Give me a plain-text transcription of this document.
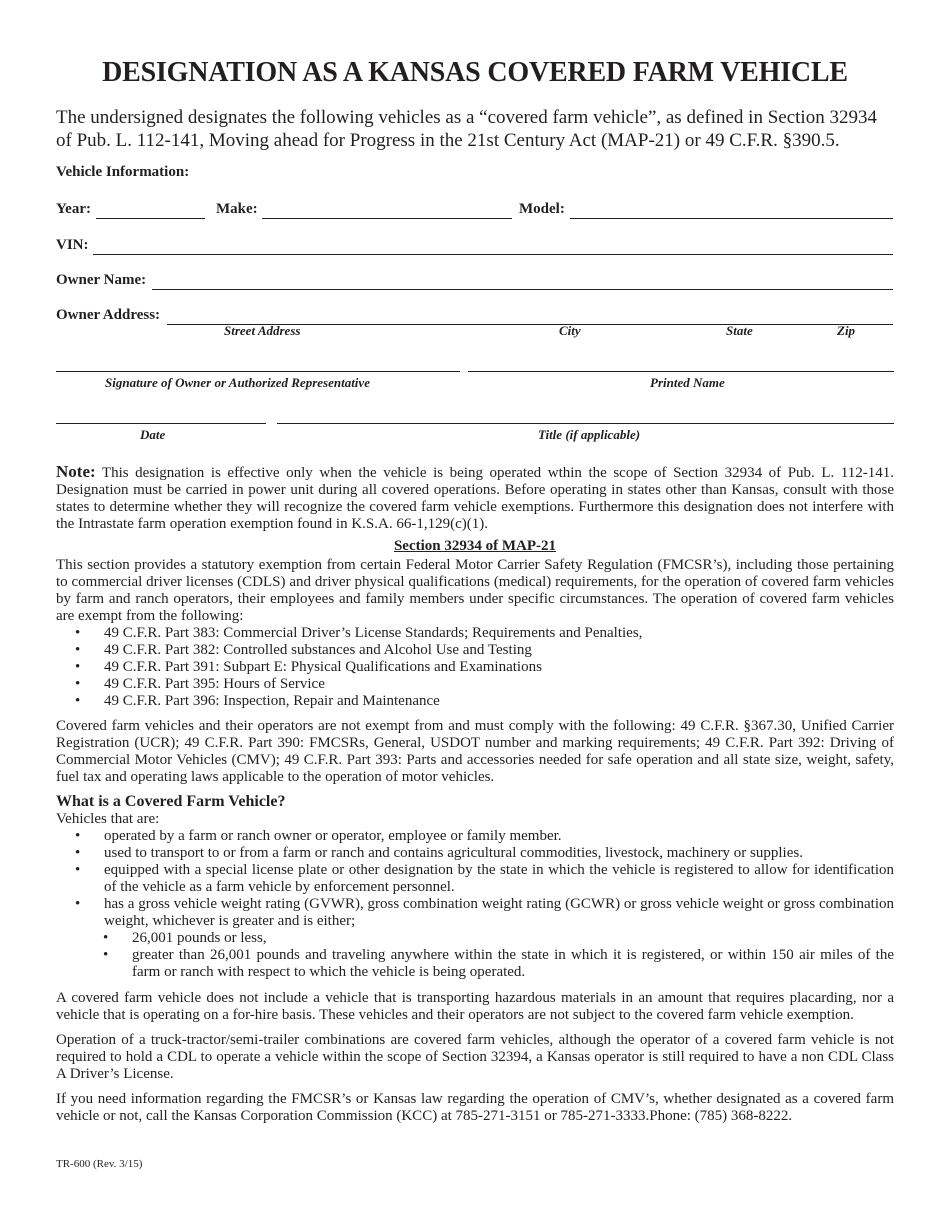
DESIGNATION AS A KANSAS COVERED FARM VEHICLE
The undersigned designates the following vehicles as a “covered farm vehicle”, as defined in Section 32934 of Pub. L. 112-141, Moving ahead for Progress in the 21st Century Act (MAP-21) or 49 C.F.R. §390.5.
Vehicle Information:
Year:	Make:	Model:
VIN:
Owner Name:
Owner Address:
Street Address	City	State	Zip
Signature of Owner or Authorized Representative	Printed Name
Date	Title (if applicable)
Note: This designation is effective only when the vehicle is being operated wthin the scope of Section 32934 of Pub. L. 112-141. Designation must be carried in power unit during all covered operations. Before operating in states other than Kansas, consult with those states to determine whether they will recognize the covered farm vehicle exemptions. Furthermore this designation does not interfere with the Intrastate farm operation exemption found in K.S.A. 66-1,129(c)(1).
Section 32934 of MAP-21
This section provides a statutory exemption from certain Federal Motor Carrier Safety Regulation (FMCSR’s), including those pertaining to commercial driver licenses (CDLS) and driver physical qualifications (medical) requirements, for the operation of covered farm vehicles by farm and ranch operators, their employees and family members under specific circumstances. The operation of covered farm vehicles are exempt from the following:
• 49 C.F.R. Part 383: Commercial Driver’s License Standards; Requirements and Penalties,
• 49 C.F.R. Part 382: Controlled substances and Alcohol Use and Testing
• 49 C.F.R. Part 391: Subpart E: Physical Qualifications and Examinations
• 49 C.F.R. Part 395: Hours of Service
• 49 C.F.R. Part 396: Inspection, Repair and Maintenance
Covered farm vehicles and their operators are not exempt from and must comply with the following: 49 C.F.R. §367.30, Unified Carrier Registration (UCR); 49 C.F.R. Part 390: FMCSRs, General, USDOT number and marking requirements; 49 C.F.R. Part 392: Driving of Commercial Motor Vehicles (CMV); 49 C.F.R. Part 393: Parts and accessories needed for safe operation and all state size, weight, safety, fuel tax and operating laws applicable to the operation of motor vehicles.
What is a Covered Farm Vehicle?
Vehicles that are:
• operated by a farm or ranch owner or operator, employee or family member.
• used to transport to or from a farm or ranch and contains agricultural commodities, livestock, machinery or supplies.
• equipped with a special license plate or other designation by the state in which the vehicle is registered to allow for identification of the vehicle as a farm vehicle by enforcement personnel.
• has a gross vehicle weight rating (GVWR), gross combination weight rating (GCWR) or gross vehicle weight or gross combination weight, whichever is greater and is either;
• 26,001 pounds or less,
• greater than 26,001 pounds and traveling anywhere within the state in which it is registered, or within 150 air miles of the farm or ranch with respect to which the vehicle is being operated.
A covered farm vehicle does not include a vehicle that is transporting hazardous materials in an amount that requires placarding, nor a vehicle that is operating on a for-hire basis. These vehicles and their operators are not subject to the covered farm vehicle exemption.
Operation of a truck-tractor/semi-trailer combinations are covered farm vehicles, although the operator of a covered farm vehicle is not required to hold a CDL to operate a vehicle within the scope of Section 32394, a Kansas operator is still required to have a non CDL Class A Driver’s License.
If you need information regarding the FMCSR’s or Kansas law regarding the operation of CMV’s, whether designated as a covered farm vehicle or not, call the Kansas Corporation Commission (KCC) at 785-271-3151 or 785-271-3333.Phone: (785) 368-8222.
TR-600 (Rev. 3/15)
